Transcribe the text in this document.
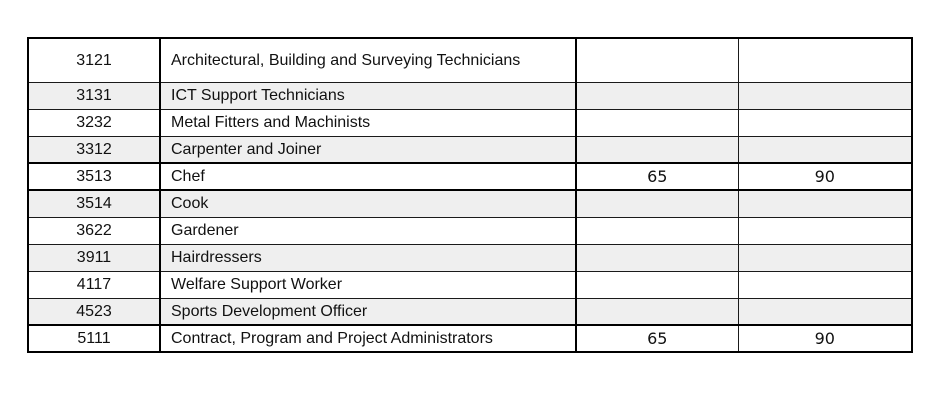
3121	Architectural, Building and Surveying Technicians		
3131	ICT Support Technicians		
3232	Metal Fitters and Machinists		
3312	Carpenter and Joiner		
3513	Chef	65	90
3514	Cook		
3622	Gardener		
3911	Hairdressers		
4117	Welfare Support Worker		
4523	Sports Development Officer		
5111	Contract, Program and Project Administrators	65	90
